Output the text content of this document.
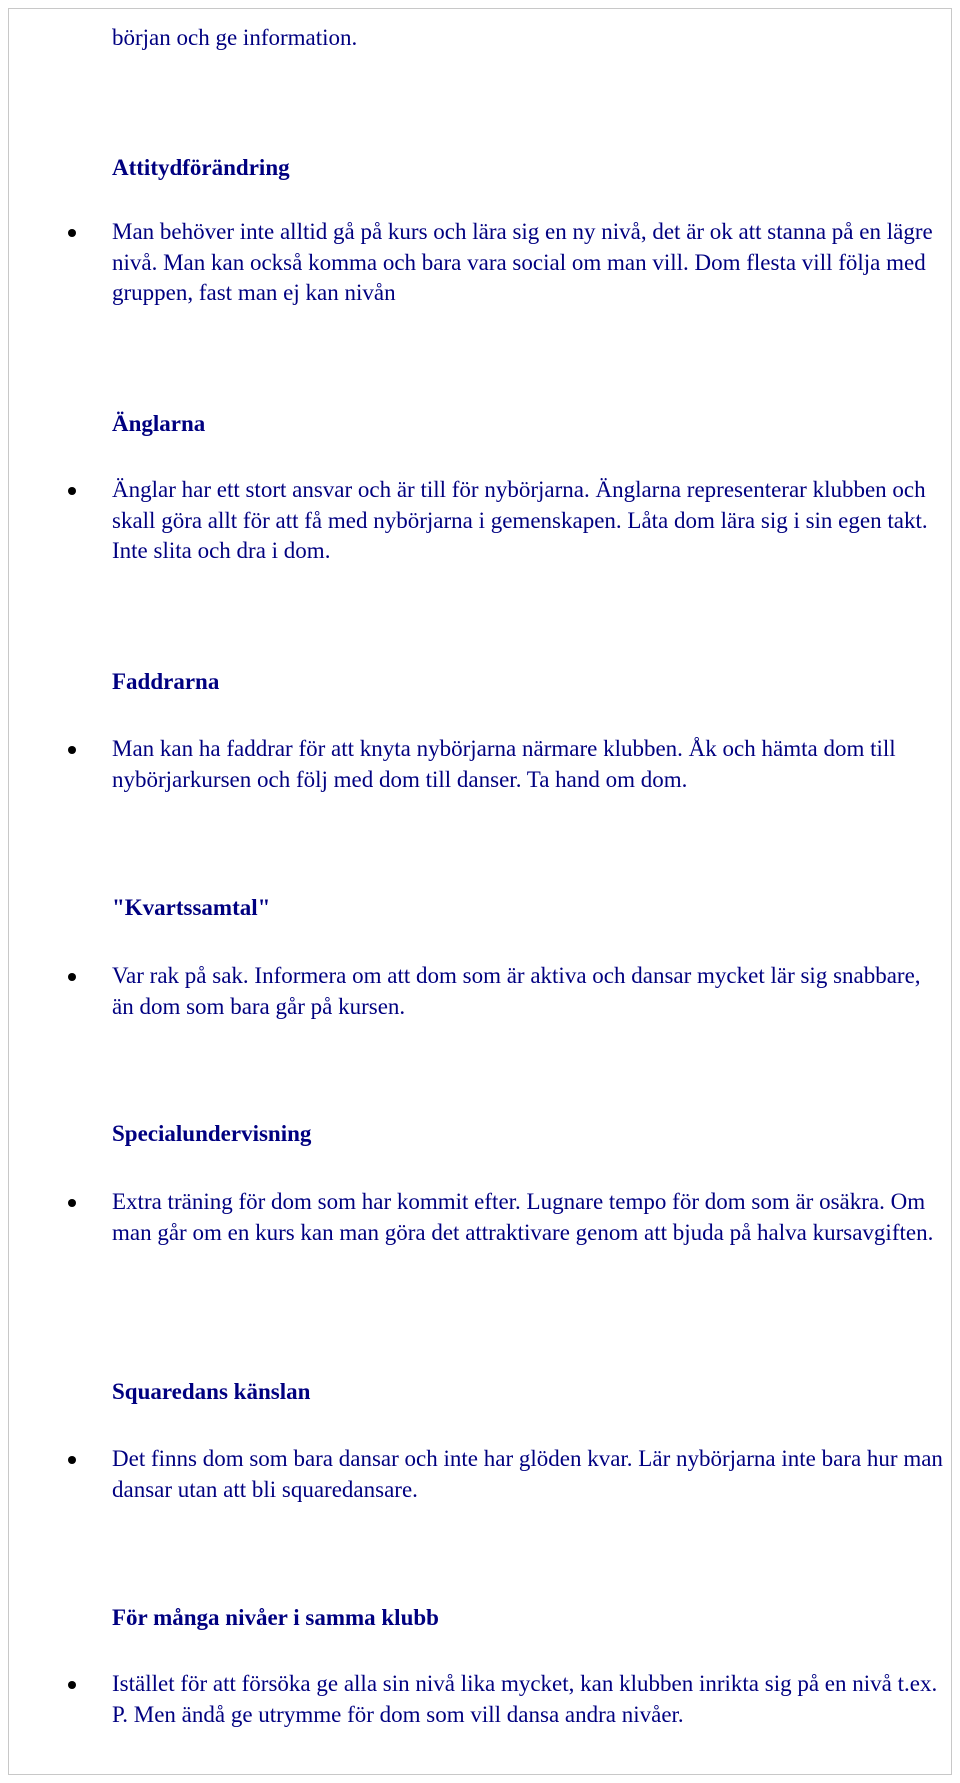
början och ge information.

Attitydförändring
Man behöver inte alltid gå på kurs och lära sig en ny nivå, det är ok att stanna på en lägre nivå. Man kan också komma och bara vara social om man vill. Dom flesta vill följa med gruppen, fast man ej kan nivån
Änglarna
Änglar har ett stort ansvar och är till för nybörjarna. Änglarna representerar klubben och skall göra allt för att få med nybörjarna i gemenskapen. Låta dom lära sig i sin egen takt. Inte slita och dra i dom.
Faddrarna
Man kan ha faddrar för att knyta nybörjarna närmare klubben. Åk och hämta dom till nybörjarkursen och följ med dom till danser. Ta hand om dom.
"Kvartssamtal"
Var rak på sak. Informera om att dom som är aktiva och dansar mycket lär sig snabbare, än dom som bara går på kursen.
Specialundervisning
Extra träning för dom som har kommit efter. Lugnare tempo för dom som är osäkra. Om man går om en kurs kan man göra det attraktivare genom att bjuda på halva kursavgiften.
Squaredans känslan
Det finns dom som bara dansar och inte har glöden kvar. Lär nybörjarna inte bara hur man dansar utan att bli squaredansare.
För många nivåer i samma klubb
Istället för att försöka ge alla sin nivå lika mycket, kan klubben inrikta sig på en nivå t.ex. P. Men ändå ge utrymme för dom som vill dansa andra nivåer.
